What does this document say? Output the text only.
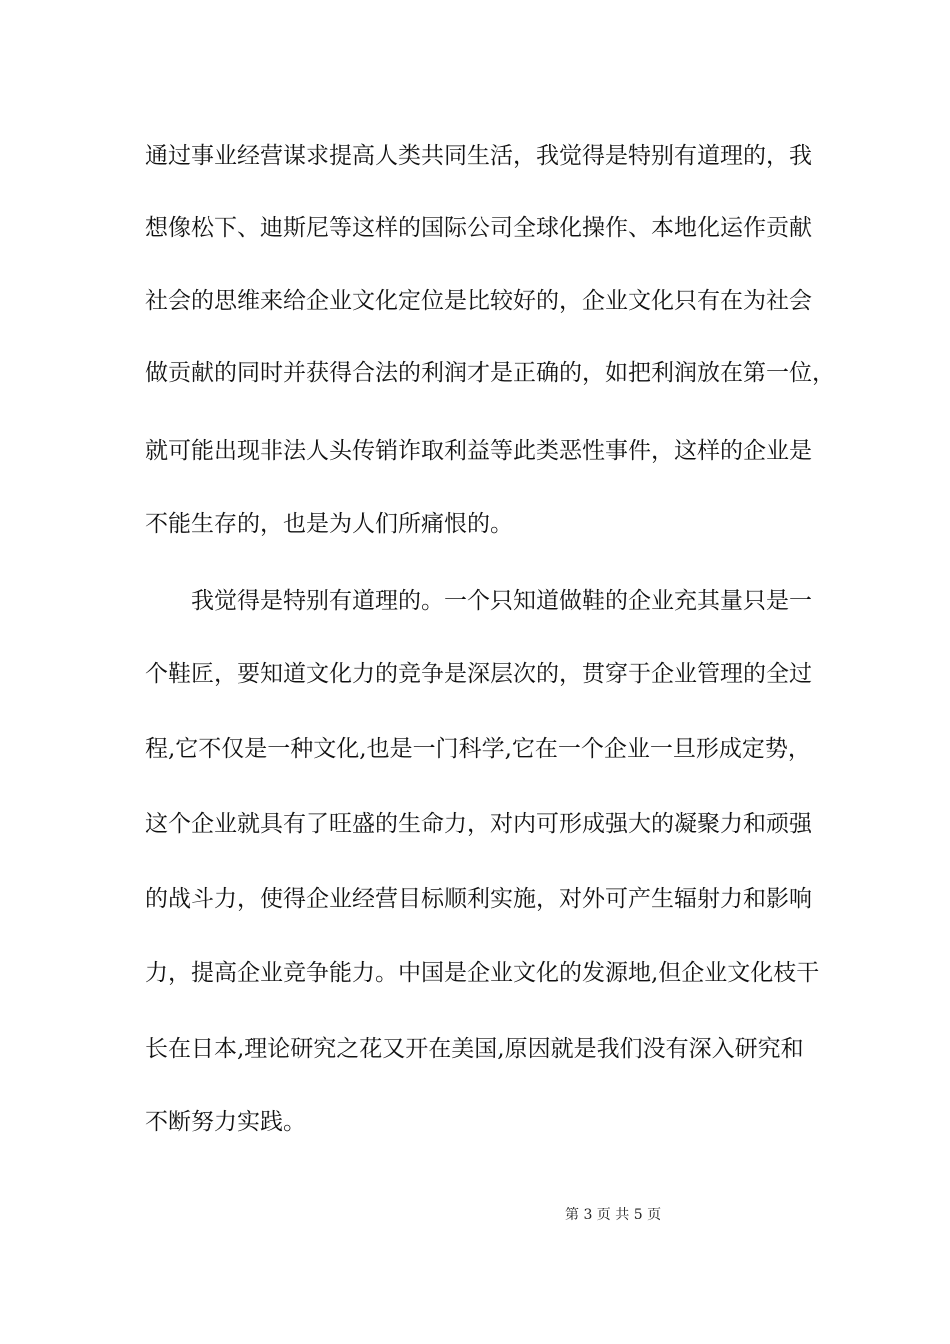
通过事业经营谋求提高人类共同生活，我觉得是特别有道理的，我
想像松下、迪斯尼等这样的国际公司全球化操作、本地化运作贡献
社会的思维来给企业文化定位是比较好的，企业文化只有在为社会
做贡献的同时并获得合法的利润才是正确的，如把利润放在第一位，
就可能出现非法人头传销诈取利益等此类恶性事件，这样的企业是
不能生存的，也是为人们所痛恨的。
我觉得是特别有道理的。一个只知道做鞋的企业充其量只是一
个鞋匠，要知道文化力的竞争是深层次的，贯穿于企业管理的全过
程,它不仅是一种文化,也是一门科学,它在一个企业一旦形成定势，
这个企业就具有了旺盛的生命力，对内可形成强大的凝聚力和顽强
的战斗力，使得企业经营目标顺利实施，对外可产生辐射力和影响
力，提高企业竞争能力。中国是企业文化的发源地,但企业文化枝干
长在日本,理论研究之花又开在美国,原因就是我们没有深入研究和
不断努力实践。
第 3 页 共 5 页
